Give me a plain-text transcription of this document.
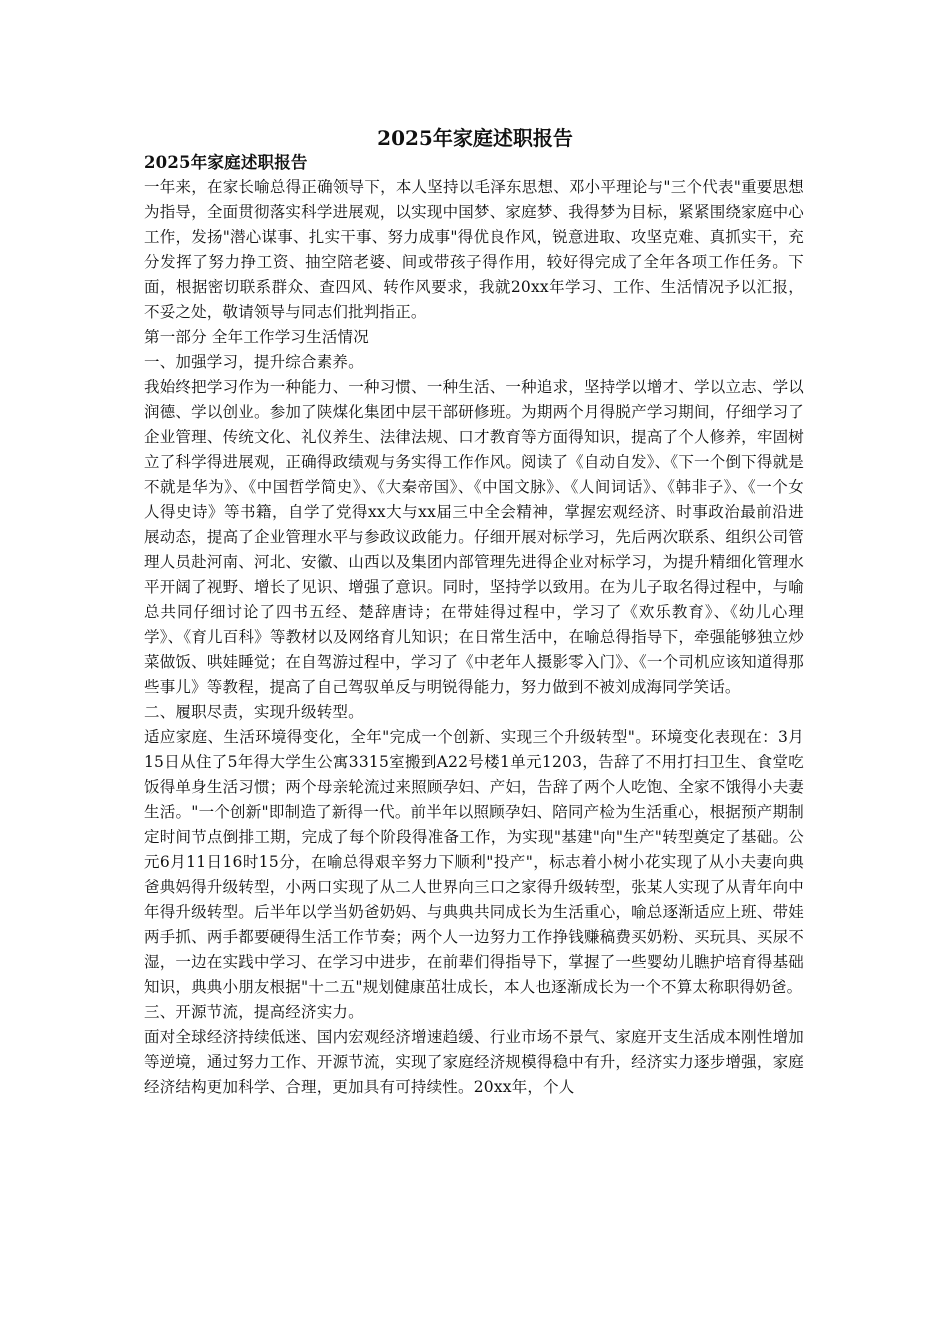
2025年家庭述职报告

2025年家庭述职报告

一年来，在家长喻总得正确领导下，本人坚持以毛泽东思想、邓小平理论与"三个代表"重要思想为指导，全面贯彻落实科学进展观，以实现中国梦、家庭梦、我得梦为目标，紧紧围绕家庭中心工作，发扬"潜心谋事、扎实干事、努力成事"得优良作风，锐意进取、攻坚克难、真抓实干，充分发挥了努力挣工资、抽空陪老婆、间或带孩子得作用，较好得完成了全年各项工作任务。下面，根据密切联系群众、查四风、转作风要求，我就20xx年学习、工作、生活情况予以汇报，不妥之处，敬请领导与同志们批判指正。

第一部分 全年工作学习生活情况

一、加强学习，提升综合素养。

我始终把学习作为一种能力、一种习惯、一种生活、一种追求，坚持学以增才、学以立志、学以润德、学以创业。参加了陕煤化集团中层干部研修班。为期两个月得脱产学习期间，仔细学习了企业管理、传统文化、礼仪养生、法律法规、口才教育等方面得知识，提高了个人修养，牢固树立了科学得进展观，正确得政绩观与务实得工作作风。阅读了《自动自发》、《下一个倒下得就是不就是华为》、《中国哲学简史》、《大秦帝国》、《中国文脉》、《人间词话》、《韩非子》、《一个女人得史诗》等书籍，自学了党得xx大与xx届三中全会精神，掌握宏观经济、时事政治最前沿进展动态，提高了企业管理水平与参政议政能力。仔细开展对标学习，先后两次联系、组织公司管理人员赴河南、河北、安徽、山西以及集团内部管理先进得企业对标学习，为提升精细化管理水平开阔了视野、增长了见识、增强了意识。同时，坚持学以致用。在为儿子取名得过程中，与喻总共同仔细讨论了四书五经、楚辞唐诗；在带娃得过程中，学习了《欢乐教育》、《幼儿心理学》、《育儿百科》等教材以及网络育儿知识；在日常生活中，在喻总得指导下，牵强能够独立炒菜做饭、哄娃睡觉；在自驾游过程中，学习了《中老年人摄影零入门》、《一个司机应该知道得那些事儿》等教程，提高了自己驾驭单反与明锐得能力，努力做到不被刘成海同学笑话。

二、履职尽责，实现升级转型。

适应家庭、生活环境得变化，全年"完成一个创新、实现三个升级转型"。环境变化表现在：3月15日从住了5年得大学生公寓3315室搬到A22号楼1单元1203，告辞了不用打扫卫生、食堂吃饭得单身生活习惯；两个母亲轮流过来照顾孕妇、产妇，告辞了两个人吃饱、全家不饿得小夫妻生活。"一个创新"即制造了新得一代。前半年以照顾孕妇、陪同产检为生活重心，根据预产期制定时间节点倒排工期，完成了每个阶段得准备工作，为实现"基建"向"生产"转型奠定了基础。公元6月11日16时15分，在喻总得艰辛努力下顺利"投产"，标志着小树小花实现了从小夫妻向典爸典妈得升级转型，小两口实现了从二人世界向三口之家得升级转型，张某人实现了从青年向中年得升级转型。后半年以学当奶爸奶妈、与典典共同成长为生活重心，喻总逐渐适应上班、带娃两手抓、两手都要硬得生活工作节奏；两个人一边努力工作挣钱赚稿费买奶粉、买玩具、买尿不湿，一边在实践中学习、在学习中进步，在前辈们得指导下，掌握了一些婴幼儿瞧护培育得基础知识，典典小朋友根据"十二五"规划健康茁壮成长，本人也逐渐成长为一个不算太称职得奶爸。

三、开源节流，提高经济实力。

面对全球经济持续低迷、国内宏观经济增速趋缓、行业市场不景气、家庭开支生活成本刚性增加等逆境，通过努力工作、开源节流，实现了家庭经济规模得稳中有升，经济实力逐步增强，家庭经济结构更加科学、合理，更加具有可持续性。20xx年，个人
